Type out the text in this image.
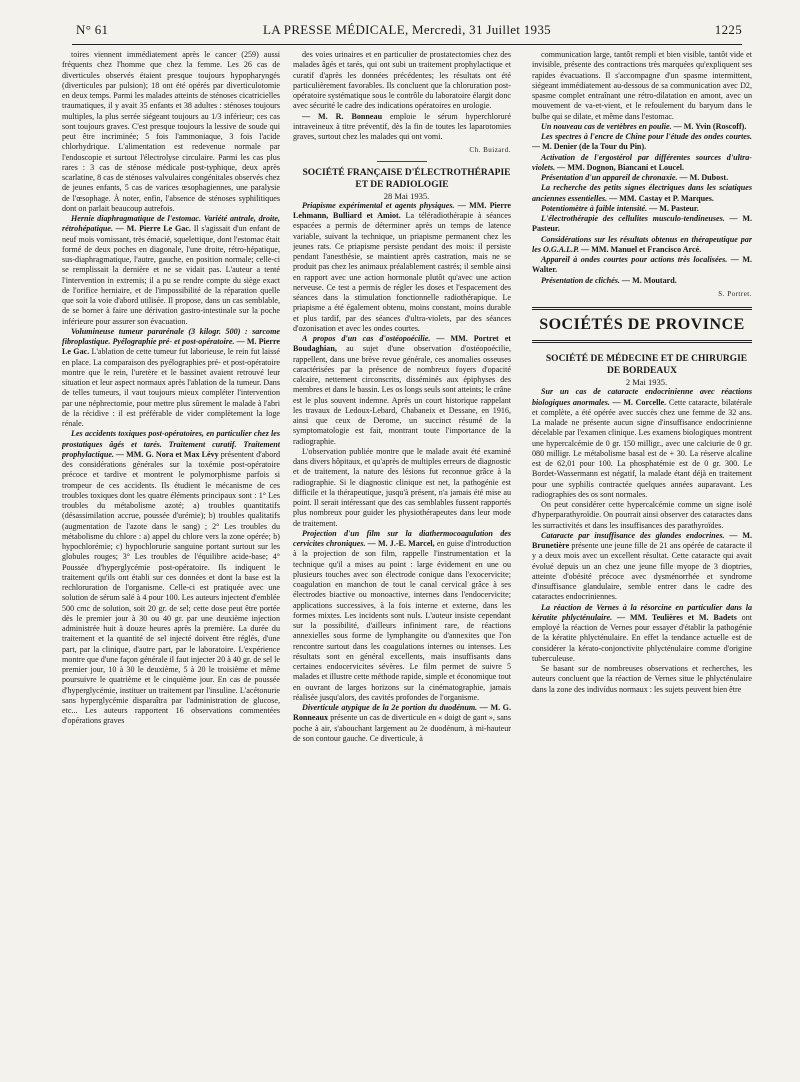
N° 61	LA PRESSE MÉDICALE, Mercredi, 31 Juillet 1935	1225

toires viennent immédiatement après le cancer (259) aussi fréquents chez l'homme que chez la femme. Les 26 cas de diverticules observés étaient presque toujours hypopharyngés (diverticules par pulsion); 18 ont été opérés par diverticulotomie en deux temps. Parmi les malades atteints de sténoses cicatricielles traumatiques, il y avait 35 enfants et 38 adultes : sténoses toujours multiples, la plus serrée siégeant toujours au 1/3 inférieur; ces cas sont toujours graves. C'est presque toujours la lessive de soude qui peut être incriminée; 5 fois l'ammoniaque, 3 fois l'acide chlorhydrique. L'alimentation est redevenue normale par l'endoscopie et surtout l'électrolyse circulaire. Parmi les cas plus rares : 3 cas de sténose médicale post-typhique, deux après scarlatine, 8 cas de sténoses valvulaires congénitales observés chez de jeunes enfants, 5 cas de varices œsophagiennes, une paralysie de l'œsophage. À noter, enfin, l'absence de sténoses syphilitiques dont on parlait beaucoup autrefois.

Hernie diaphragmatique de l'estomac. Variété antrale, droite, rétrohépatique. — M. Pierre Le Gac. Il s'agissait d'un enfant de neuf mois vomissant, très émacié, squelettique, dont l'estomac était formé de deux poches en diagonale, l'une droite, rétro-hépatique, sus-diaphragmatique, l'autre, gauche, en position normale; celle-ci se remplissait la dernière et ne se vidait pas. L'auteur a tenté l'intervention in extremis; il a pu se rendre compte du siège exact de l'orifice herniaire, et de l'impossibilité de la réparation quelle que soit la voie d'abord utilisée. Il propose, dans un cas semblable, de se borner à faire une dérivation gastro-intestinale sur la poche inférieure pour assurer son évacuation.

Volumineuse tumeur pararénale (3 kilogr. 500) : sarcome fibroplastique. Pyélographie pré- et post-opératoire. — M. Pierre Le Gac. L'ablation de cette tumeur fut laborieuse, le rein fut laissé en place. La comparaison des pyélographies pré- et post-opératoire montre que le rein, l'uretère et le bassinet avaient retrouvé leur situation et leur aspect normaux après l'ablation de la tumeur. Dans de telles tumeurs, il vaut toujours mieux compléter l'intervention par une néphrectomie, pour mettre plus sûrement le malade à l'abri de la récidive : il est préférable de vider complètement la loge rénale.

Les accidents toxiques post-opératoires, en particulier chez les prostatiques âgés et tarés. Traitement curatif. Traitement prophylactique. — MM. G. Nora et Max Lévy présentent d'abord des considérations générales sur la toxémie post-opératoire précoce et tardive et montrent le polymorphisme parfois si trompeur de ces accidents. Ils étudient le mécanisme de ces troubles toxiques dont les quatre éléments principaux sont : 1° Les troubles du métabolisme azoté; a) troubles quantitatifs (désassimilation accrue, poussée d'urémie); b) troubles qualitatifs (augmentation de l'azote dans le sang) ; 2° Les troubles du métabolisme du chlore : a) appel du chlore vers la zone opérée; b) hypochlorémie; c) hypochlorurie sanguine portant surtout sur les globules rouges; 3° Les troubles de l'équilibre acide-base; 4° Poussée d'hyperglycémie post-opératoire. Ils indiquent le traitement qu'ils ont établi sur ces données et dont la base est la rechloruration de l'organisme. Celle-ci est pratiquée avec une solution de sérum salé à 4 pour 100. Les auteurs injectent d'emblée 500 cmc de solution, soit 20 gr. de sel; cette dose peut être portée dès le premier jour à 30 ou 40 gr. par une deuxième injection administrée huit à douze heures après la première. La durée du traitement et la quantité de sel injecté doivent être réglés, d'une part, par la clinique, d'autre part, par le laboratoire. L'expérience montre que d'une façon générale il faut injecter 20 à 40 gr. de sel le premier jour, 10 à 30 le deuxième, 5 à 20 le troisième et même poursuivre le quatrième et le cinquième jour. En cas de poussée d'hyperglycémie, instituer un traitement par l'insuline. L'acétonurie sans hyperglycémie disparaîtra par l'administration de glucose, etc... Les auteurs rapportent 16 observations commentées d'opérations graves

des voies urinaires et en particulier de prostatectomies chez des malades âgés et tarés, qui ont subi un traitement prophylactique et curatif d'après les données précédentes; les résultats ont été particulièrement favorables. Ils concluent que la chloruration post-opératoire systématique sous le contrôle du laboratoire élargit donc avec sécurité le cadre des indications opératoires en urologie.

— M. R. Bonneau emploie le sérum hyperchloruré intraveineux à titre préventif, dès la fin de toutes les laparotomies graves, surtout chez les malades qui ont vomi.

Ch. Buizard.

SOCIÉTÉ FRANÇAISE D'ÉLECTROTHÉRAPIE ET DE RADIOLOGIE

28 Mai 1935.

Priapisme expérimental et agents physiques. — MM. Pierre Lehmann, Bulliard et Amiot. La téléradiothérapie à séances espacées a permis de déterminer après un temps de latence variable, suivant la technique, un priapisme permanent chez les jeunes rats. Ce priapisme persiste pendant des mois: il persiste pendant l'anesthésie, se maintient après castration, mais ne se produit pas chez les animaux préalablement castrés; il semble ainsi en rapport avec une action hormonale plutôt qu'avec une action nerveuse. Ce test a permis de régler les doses et l'espacement des séances dans la stimulation fonctionnelle radiothérapique. Le priapisme a été également obtenu, moins constant, moins durable et plus tardif, par des séances d'ultra-violets, par des séances d'ozonisation et avec les ondes courtes.

A propos d'un cas d'ostéopoécilie. — MM. Portret et Boudaghian, au sujet d'une observation d'ostéopoécilie, rappellent, dans une brève revue générale, ces anomalies osseuses caractérisées par la présence de nombreux foyers d'opacité calcaire, nettement circonscrits, disséminés aux épiphyses des membres et dans le bassin. Les os longs seuls sont atteints; le crâne est le plus souvent indemne. Après un court historique rappelant les travaux de Ledoux-Lebard, Chabaneix et Dessane, en 1916, ainsi que ceux de Derome, un succinct résumé de la symptomatologie est fait, montrant toute l'importance de la radiographie.

L'observation publiée montre que le malade avait été examiné dans divers hôpitaux, et qu'après de multiples erreurs de diagnostic et de traitement, la nature des lésions fut reconnue grâce à la radiographie. Si le diagnostic clinique est net, la pathogénie est difficile et la thérapeutique, jusqu'à présent, n'a jamais été mise au point. Il serait intéressant que des cas semblables fussent rapportés plus nombreux pour guider les physiothérapeutes dans leur mode de traitement.

Projection d'un film sur la diathermocoagulation des cervicites chroniques. — M. J.-E. Marcel, en guise d'introduction à la projection de son film, rappelle l'instrumentation et la technique qu'il a mises au point : large évidement en une ou plusieurs touches avec son électrode conique dans l'exocervicite; coagulation en manchon de tout le canal cervical grâce à ses électrodes biactive ou monoactive, internes dans l'endocervicite; applications successives, à la fois interne et externe, dans les formes mixtes. Les incidents sont nuls. L'auteur insiste cependant sur la possibilité, d'ailleurs infiniment rare, de réactions annexielles sous forme de lymphangite ou d'annexites que l'on rencontre surtout dans les coagulations internes ou intenses. Les résultats sont en général excellents, mais insuffisants dans certaines endocervicites sévères. Le film permet de suivre 5 malades et illustre cette méthode rapide, simple et économique tout en ouvrant de larges horizons sur la cinématographie, jamais réalisée jusqu'alors, des cavités profondes de l'organisme.

Diverticule atypique de la 2e portion du duodénum. — M. G. Ronneaux présente un cas de diverticule en « doigt de gant », sans poche à air, s'abouchant largement au 2e duodénum, à mi-hauteur de son contour gauche. Ce diverticule, à

communication large, tantôt rempli et bien visible, tantôt vide et invisible, présente des contractions très marquées qu'expliquent ses rapides évacuations. Il s'accompagne d'un spasme intermittent, siégeant immédiatement au-dessous de sa communication avec D2, spasme complet entraînant une rétro-dilatation en amont, avec un mouvement de va-et-vient, et le refoulement du baryum dans le bulbe qui se dilate, et même dans l'estomac.

Un nouveau cas de vertèbres en poulie. — M. Yvin (Roscoff).

Les spectres à l'encre de Chine pour l'étude des ondes courtes. — M. Denier (de la Tour du Pin).

Activation de l'ergostérol par différentes sources d'ultra-violets. — MM. Dognon, Biancani et Loucel.

Présentation d'un appareil de chronaxie. — M. Dubost.

La recherche des petits signes électriques dans les sciatiques anciennes essentielles. — MM. Castay et P. Marques.

Potentiomètre à faible intensité. — M. Pasteur.

L'électrothérapie des cellulites musculo-tendineuses. — M. Pasteur.

Considérations sur les résultats obtenus en thérapeutique par les O.G.A.L.P. — MM. Manuel et Francisco Arcé.

Appareil à ondes courtes pour actions très localisées. — M. Walter.

Présentation de clichés. — M. Moutard.

S. Portret.

SOCIÉTÉS DE PROVINCE

SOCIÉTÉ DE MÉDECINE ET DE CHIRURGIE DE BORDEAUX

2 Mai 1935.

Sur un cas de cataracte endocrinienne avec réactions biologiques anormales. — M. Corcelle. Cette cataracte, bilatérale et complète, a été opérée avec succès chez une femme de 32 ans. La malade ne présente aucun signe d'insuffisance endocrinienne décelable par l'examen clinique. Les examens biologiques montrent une hypercalcémie de 0 gr. 150 milligr., avec une calciurie de 0 gr. 080 milligr. Le métabolisme basal est de + 30. La réserve alcaline est de 62,01 pour 100. La phosphatémie est de 0 gr. 300. Le Bordet-Wassermann est négatif, la malade étant déjà en traitement pour une syphilis contractée quelques années auparavant. Les radiographies des os sont normales.

On peut considérer cette hypercalcémie comme un signe isolé d'hyperparathyroïdie. On pourrait ainsi observer des cataractes dans les surractivités et dans les insuffisances des parathyroïdes.

Cataracte par insuffisance des glandes endocrines. — M. Brunetière présente une jeune fille de 21 ans opérée de cataracte il y a deux mois avec un excellent résultat. Cette cataracte qui avait évolué depuis un an chez une jeune fille myope de 3 dioptries, atteinte d'obésité précoce avec dysménorrhée et syndrome d'insuffisance glandulaire, semble entrer dans le cadre des cataractes endocriniennes.

La réaction de Vernes à la résorcine en particulier dans la kératite phlycténulaire. — MM. Teulières et M. Badets ont employé la réaction de Vernes pour essayer d'établir la pathogénie de la kératite phlycténulaire. En effet la tendance actuelle est de considérer la kérato-conjonctivite phlycténulaire comme d'origine tuberculeuse.

Se basant sur de nombreuses observations et recherches, les auteurs concluent que la réaction de Vernes situe le phlycténulaire dans la zone des indivídus normaux : les sujets peuvent bien être
